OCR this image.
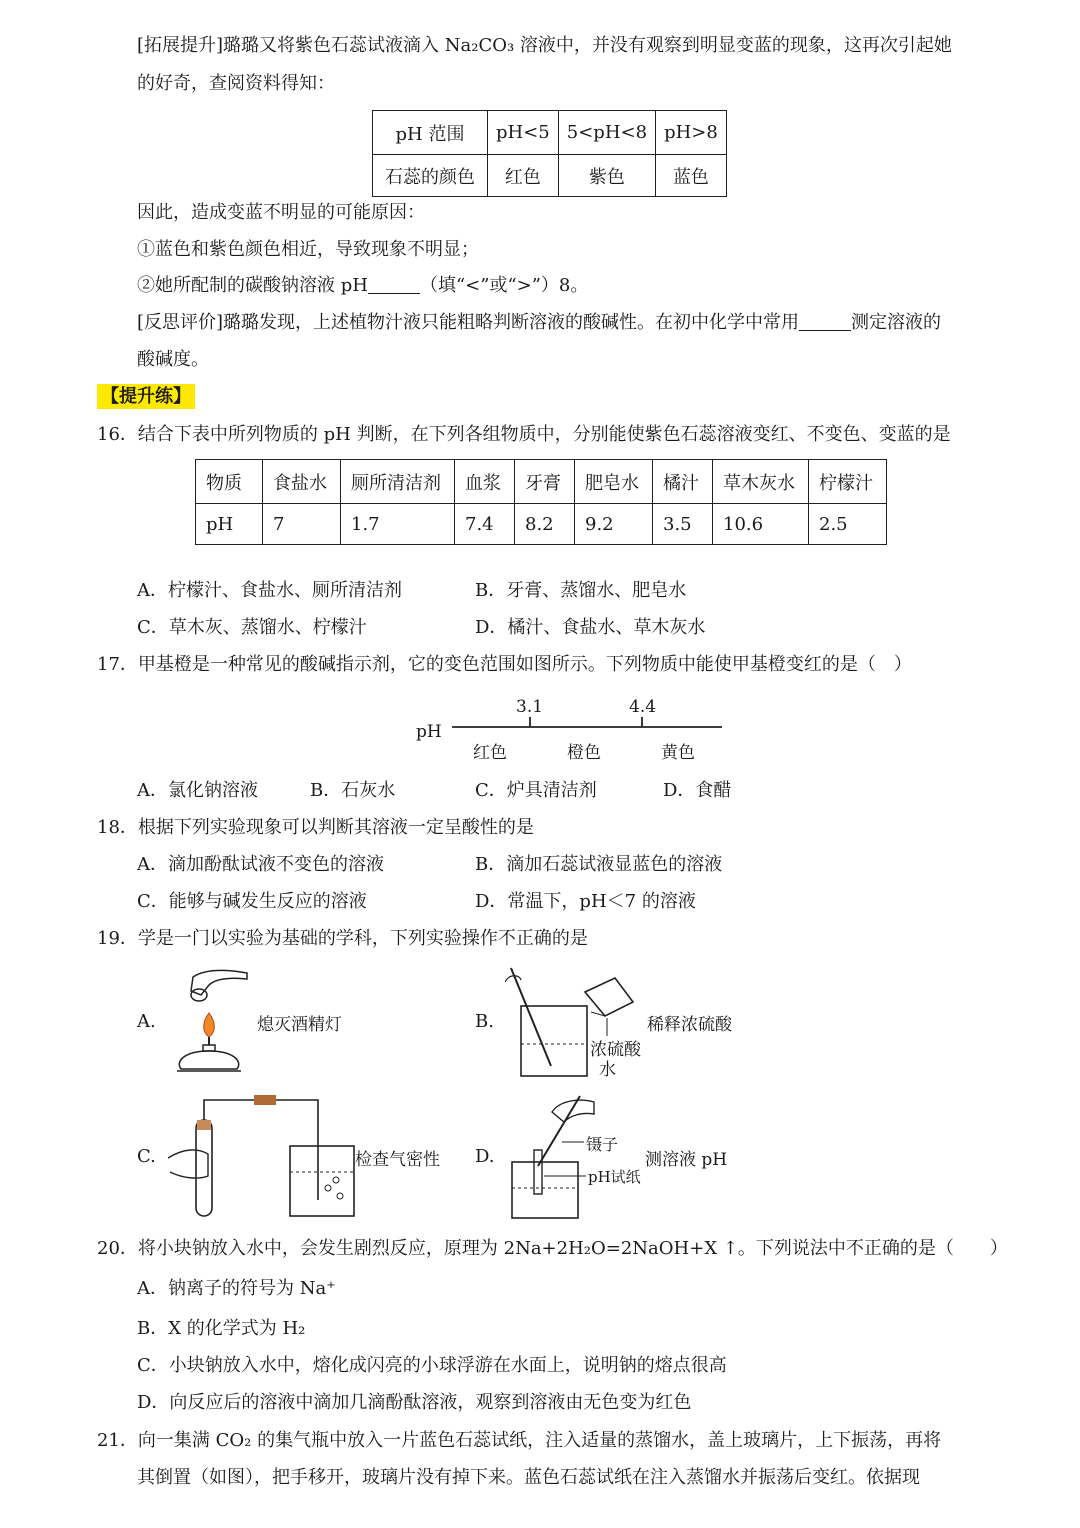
[拓展提升]璐璐又将紫色石蕊试液滴入 Na₂CO₃ 溶液中，并没有观察到明显变蓝的现象，这再次引起她
的好奇，查阅资料得知：
pH 范围	pH<5	5<pH<8	pH>8
石蕊的颜色	红色	紫色	蓝色
因此，造成变蓝不明显的可能原因：
①蓝色和紫色颜色相近，导致现象不明显；
②她所配制的碳酸钠溶液 pH	（填“<”或“>”）8。
[反思评价]璐璐发现，上述植物汁液只能粗略判断溶液的酸碱性。在初中化学中常用	测定溶液的
酸碱度。
【提升练】
16．结合下表中所列物质的 pH 判断，在下列各组物质中，分别能使紫色石蕊溶液变红、不变色、变蓝的是
物质	食盐水	厕所清洁剂	血浆	牙膏	肥皂水	橘汁	草木灰水	柠檬汁
pH	7	1.7	7.4	8.2	9.2	3.5	10.6	2.5
A．柠檬汁、食盐水、厕所清洁剂	B．牙膏、蒸馏水、肥皂水
C．草木灰、蒸馏水、柠檬汁	D．橘汁、食盐水、草木灰水
17．甲基橙是一种常见的酸碱指示剂，它的变色范围如图所示。下列物质中能使甲基橙变红的是（　）
pH
3.1	4.4
红色	橙色	黄色
A．氯化钠溶液	B．石灰水	C．炉具清洁剂	D．食醋
18．根据下列实验现象可以判断其溶液一定呈酸性的是
A．滴加酚酞试液不变色的溶液	B．滴加石蕊试液显蓝色的溶液
C．能够与碱发生反应的溶液	D．常温下，pH＜7 的溶液
19．学是一门以实验为基础的学科，下列实验操作不正确的是
A.	熄灭酒精灯	B.	稀释浓硫酸
浓硫酸
水
C.	检查气密性 D.
镊子
pH试纸
测溶液 pH
20．将小块钠放入水中，会发生剧烈反应，原理为 2Na+2H₂O=2NaOH+X ↑。下列说法中不正确的是（　　）
A．钠离子的符号为 Na⁺
B．X 的化学式为 H₂
C．小块钠放入水中，熔化成闪亮的小球浮游在水面上，说明钠的熔点很高
D．向反应后的溶液中滴加几滴酚酞溶液，观察到溶液由无色变为红色
21．向一集满 CO₂ 的集气瓶中放入一片蓝色石蕊试纸，注入适量的蒸馏水，盖上玻璃片，上下振荡，再将
其倒置（如图），把手移开，玻璃片没有掉下来。蓝色石蕊试纸在注入蒸馏水并振荡后变红。依据现
